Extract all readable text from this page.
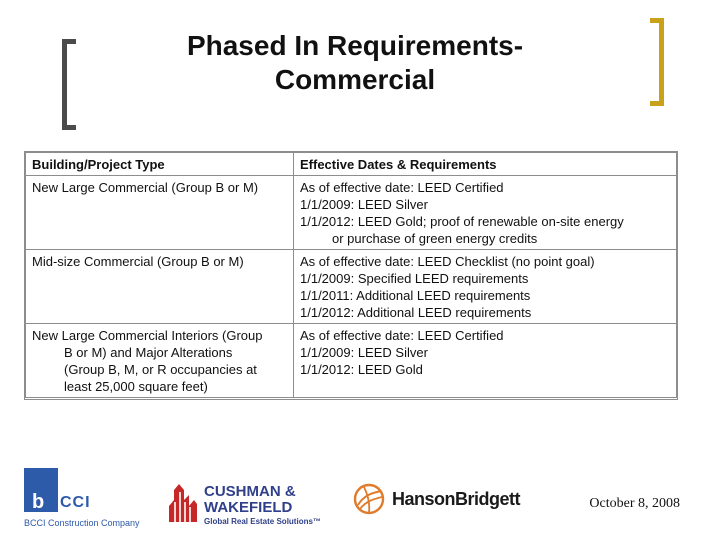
Phased In Requirements-
Commercial
Building/Project Type	Effective Dates & Requirements

New Large Commercial (Group B or M)	As of effective date: LEED Certified
1/1/2009: LEED Silver
1/1/2012: LEED Gold; proof of renewable on-site energy
or purchase of green energy credits

Mid-size Commercial (Group B or M)	As of effective date: LEED Checklist (no point goal)
1/1/2009: Specified LEED requirements
1/1/2011: Additional LEED requirements
1/1/2012: Additional LEED requirements

New Large Commercial Interiors (Group
B or M) and Major Alterations
(Group B, M, or R occupancies at
least 25,000 square feet)	As of effective date: LEED Certified
1/1/2009: LEED Silver
1/1/2012: LEED Gold
b CCI
BCCI Construction Company
CUSHMAN &
WAKEFIELD
Global Real Estate Solutions™
HansonBridgett	October 8, 2008
